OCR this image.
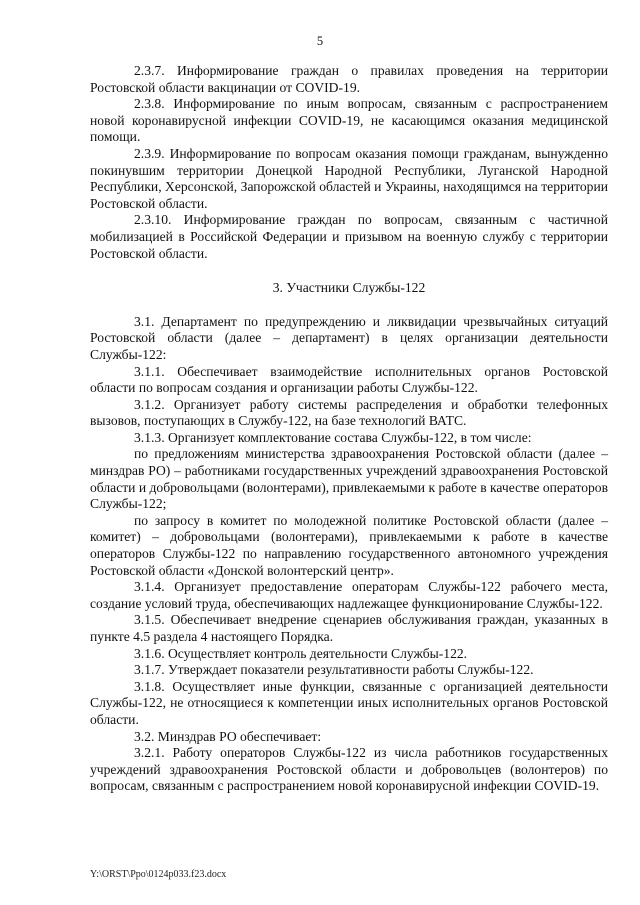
5

2.3.7. Информирование граждан о правилах проведения на территории Ростовской области вакцинации от COVID-19.

2.3.8. Информирование по иным вопросам, связанным с распространением новой коронавирусной инфекции COVID-19, не касающимся оказания медицинской помощи.

2.3.9. Информирование по вопросам оказания помощи гражданам, вынужденно покинувшим территории Донецкой Народной Республики, Луганской Народной Республики, Херсонской, Запорожской областей и Украины, находящимся на территории Ростовской области.

2.3.10. Информирование граждан по вопросам, связанным с частичной мобилизацией в Российской Федерации и призывом на военную службу с территории Ростовской области.

3. Участники Службы-122

3.1. Департамент по предупреждению и ликвидации чрезвычайных ситуаций Ростовской области (далее – департамент) в целях организации деятельности Службы-122:

3.1.1. Обеспечивает взаимодействие исполнительных органов Ростовской области по вопросам создания и организации работы Службы-122.

3.1.2. Организует работу системы распределения и обработки телефонных вызовов, поступающих в Службу-122, на базе технологий ВАТС.

3.1.3. Организует комплектование состава Службы-122, в том числе:

по предложениям министерства здравоохранения Ростовской области (далее – минздрав РО) – работниками государственных учреждений здравоохранения Ростовской области и добровольцами (волонтерами), привлекаемыми к работе в качестве операторов Службы-122;

по запросу в комитет по молодежной политике Ростовской области (далее – комитет) – добровольцами (волонтерами), привлекаемыми к работе в качестве операторов Службы-122 по направлению государственного автономного учреждения Ростовской области «Донской волонтерский центр».

3.1.4. Организует предоставление операторам Службы-122 рабочего места, создание условий труда, обеспечивающих надлежащее функционирование Службы-122.

3.1.5. Обеспечивает внедрение сценариев обслуживания граждан, указанных в пункте 4.5 раздела 4 настоящего Порядка.

3.1.6. Осуществляет контроль деятельности Службы-122.

3.1.7. Утверждает показатели результативности работы Службы-122.

3.1.8. Осуществляет иные функции, связанные с организацией деятельности Службы-122, не относящиеся к компетенции иных исполнительных органов Ростовской области.

3.2. Минздрав РО обеспечивает:

3.2.1. Работу операторов Службы-122 из числа работников государственных учреждений здравоохранения Ростовской области и добровольцев (волонтеров) по вопросам, связанным с распространением новой коронавирусной инфекции COVID-19.

Y:\ORST\Ppo\0124p033.f23.docx
